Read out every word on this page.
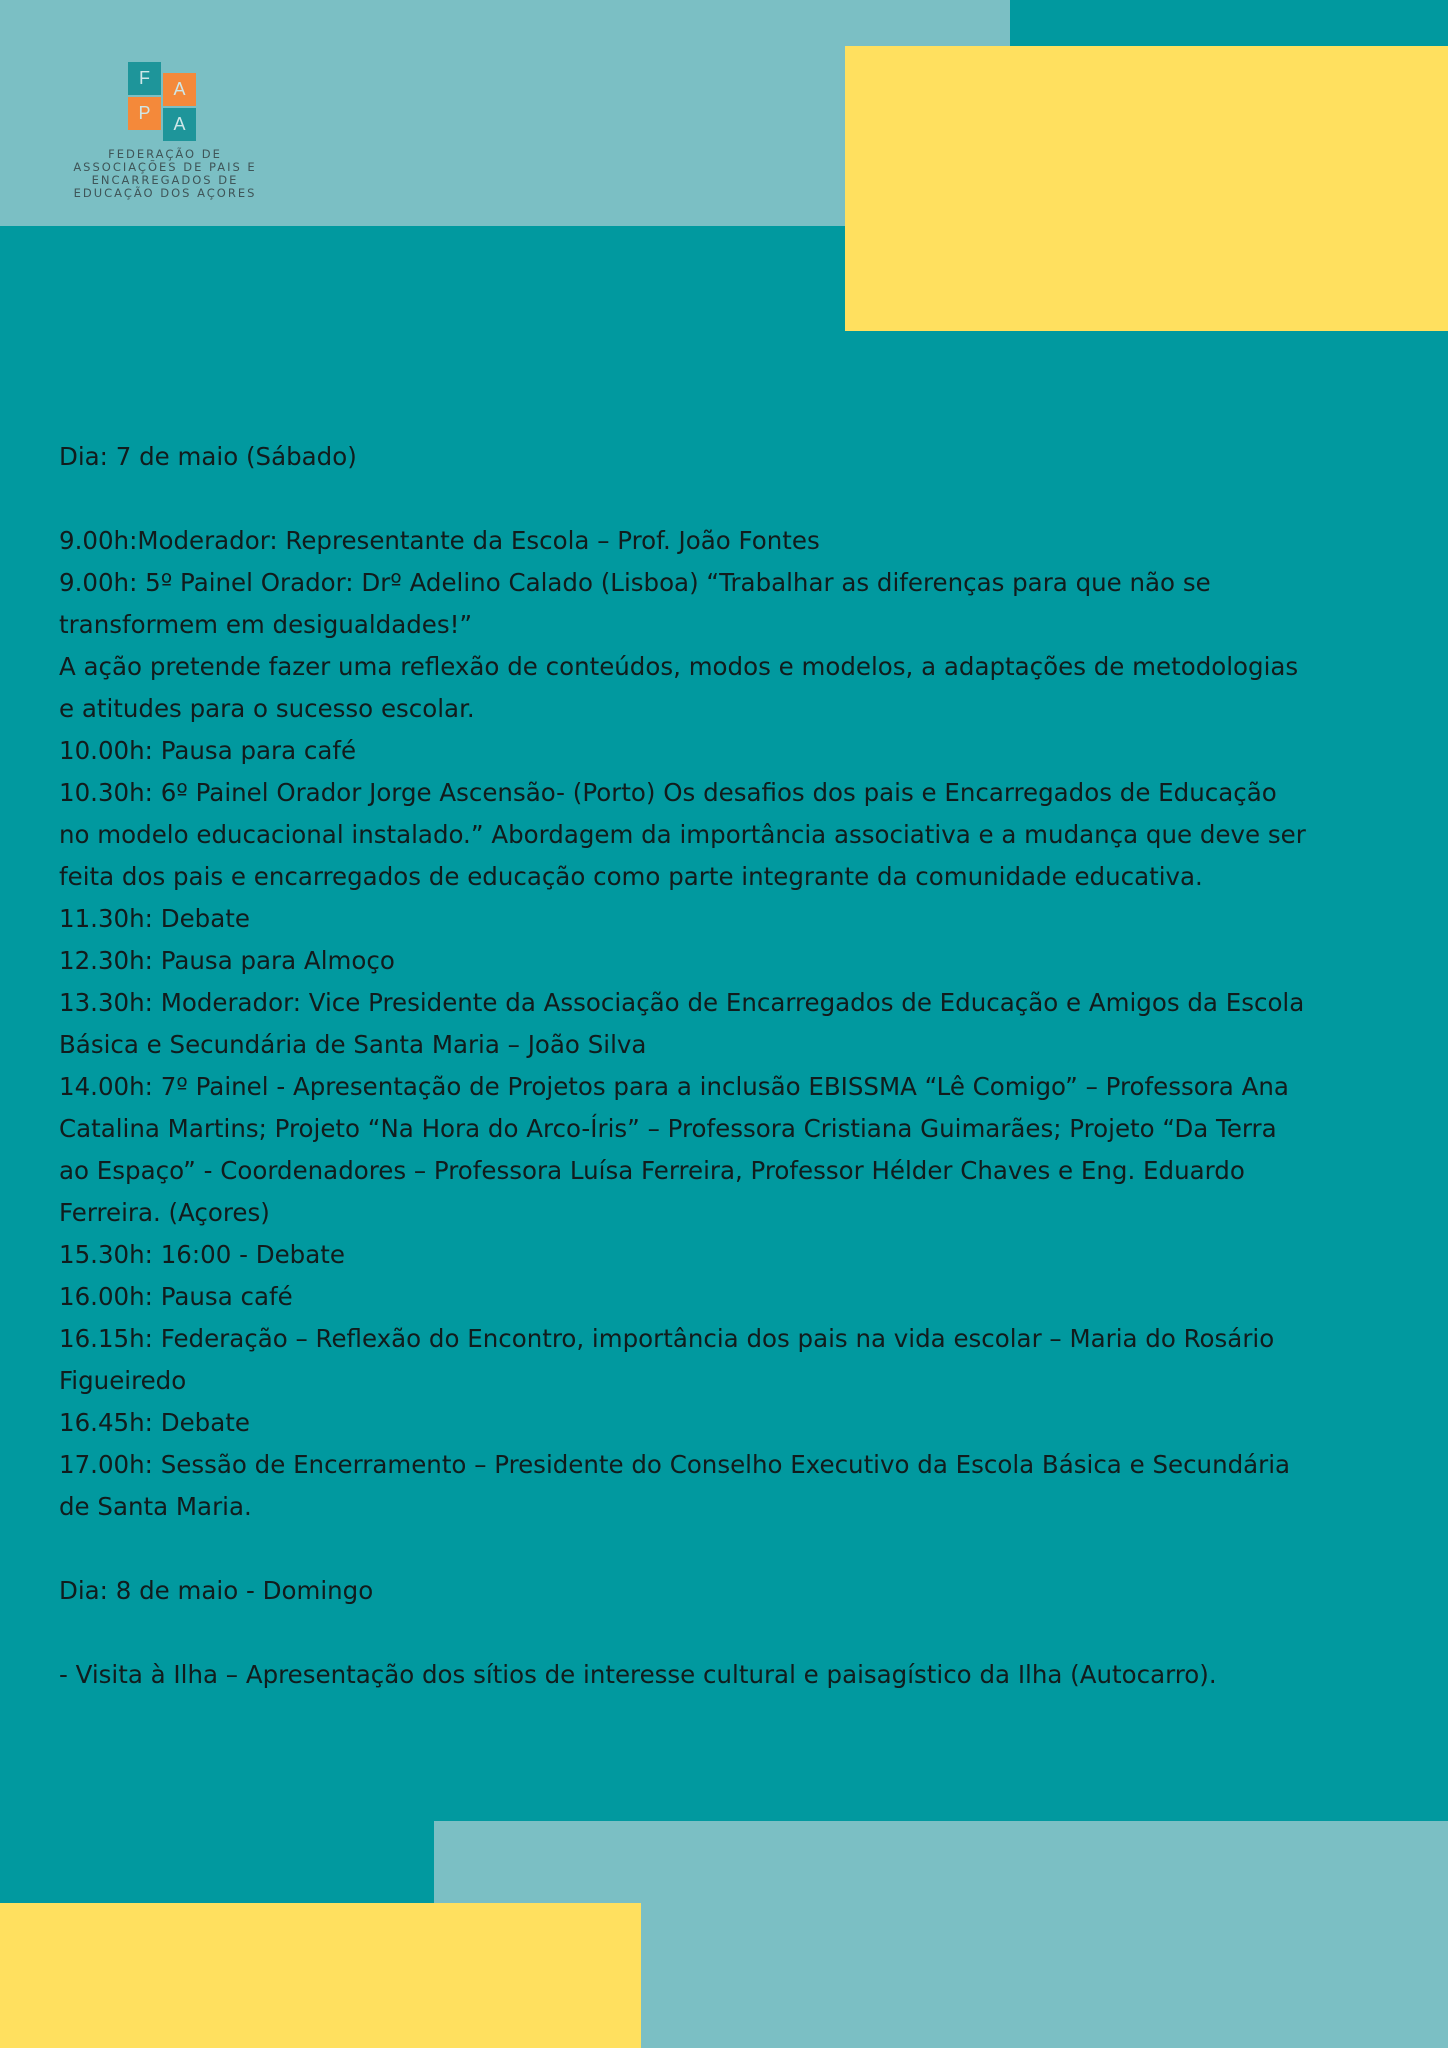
F
A
P
A
FEDERAÇÃO DE
ASSOCIAÇÕES DE PAIS E
ENCARREGADOS DE
EDUCAÇÃO DOS AÇORES

Dia: 7 de maio (Sábado)

9.00h:Moderador: Representante da Escola – Prof. João Fontes

9.00h: 5º Painel Orador: Drº Adelino Calado (Lisboa) “Trabalhar as diferenças para que não se transformem em desigualdades!”

A ação pretende fazer uma reflexão de conteúdos, modos e modelos, a adaptações de metodologias e atitudes para o sucesso escolar.

10.00h: Pausa para café

10.30h: 6º Painel Orador Jorge Ascensão- (Porto) Os desafios dos pais e Encarregados de Educação no modelo educacional instalado.” Abordagem da importância associativa e a mudança que deve ser feita dos pais e encarregados de educação como parte integrante da comunidade educativa.

11.30h: Debate

12.30h: Pausa para Almoço

13.30h: Moderador: Vice Presidente da Associação de Encarregados de Educação e Amigos da Escola Básica e Secundária de Santa Maria – João Silva

14.00h: 7º Painel - Apresentação de Projetos para a inclusão EBISSMA “Lê Comigo” – Professora Ana Catalina Martins; Projeto “Na Hora do Arco-Íris” – Professora Cristiana Guimarães; Projeto “Da Terra ao Espaço” - Coordenadores – Professora Luísa Ferreira, Professor Hélder Chaves e Eng. Eduardo Ferreira. (Açores)

15.30h: 16:00 - Debate

16.00h: Pausa café

16.15h: Federação – Reflexão do Encontro, importância dos pais na vida escolar – Maria do Rosário Figueiredo

16.45h: Debate

17.00h: Sessão de Encerramento – Presidente do Conselho Executivo da Escola Básica e Secundária de Santa Maria.

Dia: 8 de maio - Domingo

- Visita à Ilha – Apresentação dos sítios de interesse cultural e paisagístico da Ilha (Autocarro).
